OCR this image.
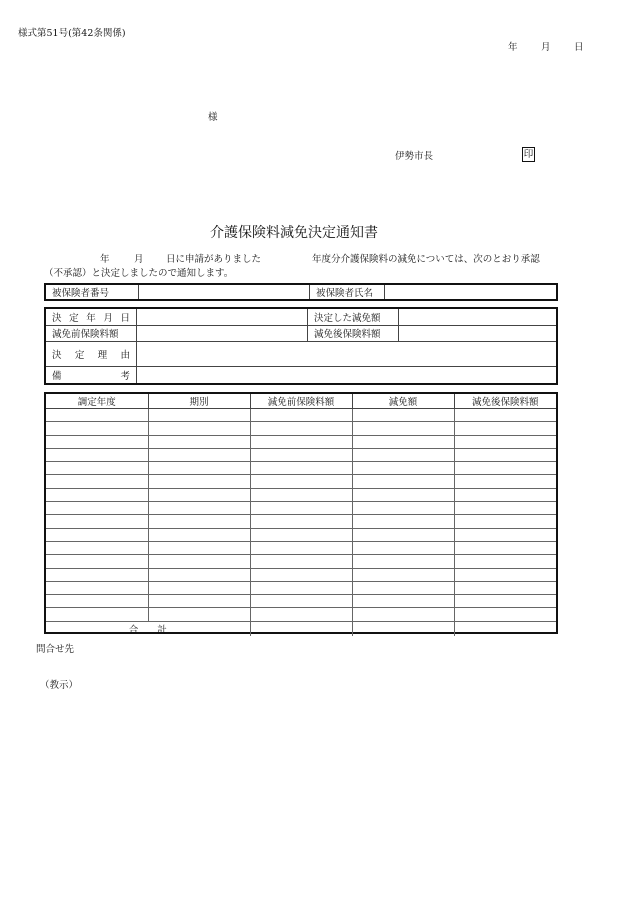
様式第51号(第42条関係)
年 月 日
様
伊勢市長	印
介護保険料減免決定通知書
年	月 日に申請がありました	年度分介護保険料の減免については、次のとおり承認
（不承認）と決定しましたので通知します。
被保険者番号		被保険者氏名	
決定年月日		決定した減免額	
減免前保険料額		減免後保険料額	

決定理由			

備考			

調定年度	期別	減免前保険料額	減免額	減免後保険料額

合　　計				
問合せ先
（教示）
